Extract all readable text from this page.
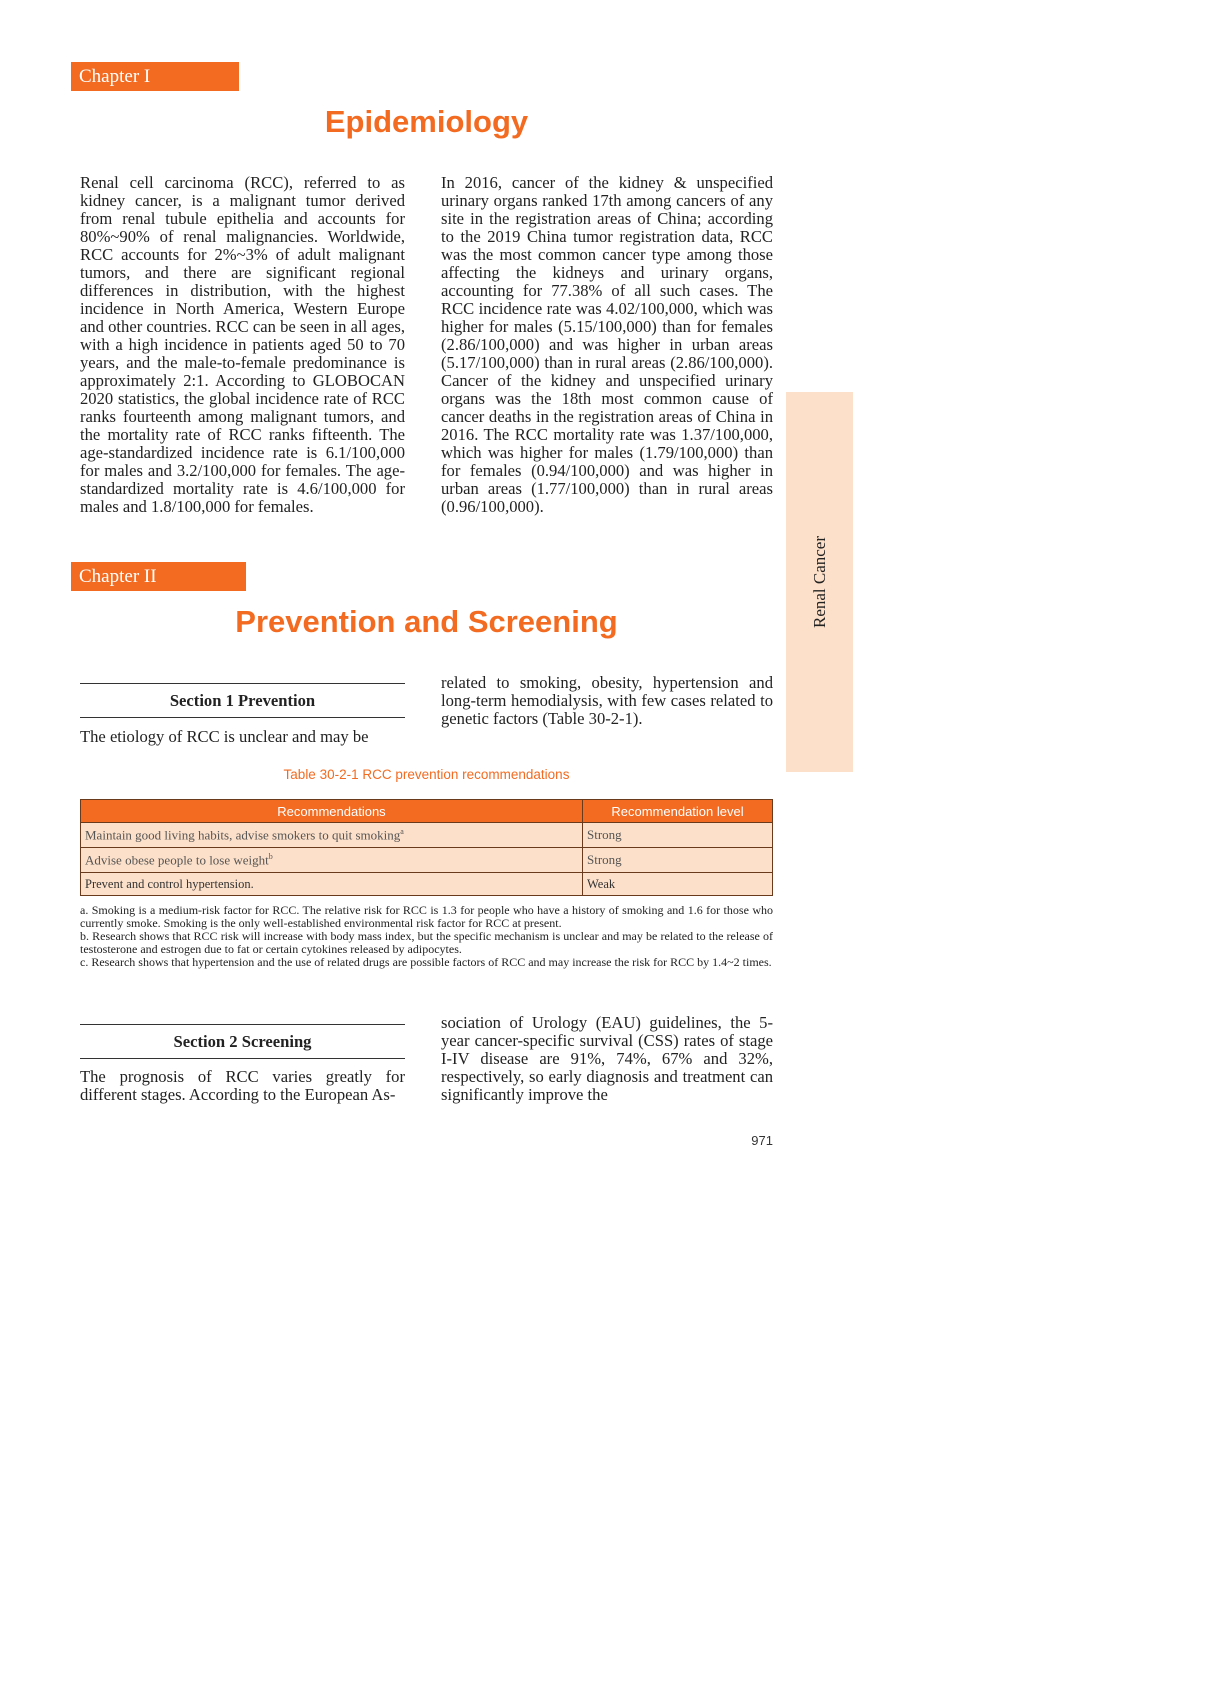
Chapter I
Epidemiology

Renal cell carcinoma (RCC), referred to as kidney cancer, is a malignant tumor derived from renal tubule epithelia and accounts for 80%~90% of renal malignancies. Worldwide, RCC accounts for 2%~3% of adult malignant tumors, and there are significant regional differences in distribution, with the highest incidence in North America, Western Europe and other countries. RCC can be seen in all ages, with a high incidence in patients aged 50 to 70 years, and the male-to-female predominance is approximately 2:1. According to GLOBOCAN 2020 statistics, the global incidence rate of RCC ranks fourteenth among malignant tumors, and the mortality rate of RCC ranks fifteenth. The age-standardized incidence rate is 6.1/100,000 for males and 3.2/100,000 for females. The age-standardized mortality rate is 4.6/100,000 for males and 1.8/100,000 for females.

In 2016, cancer of the kidney & unspecified urinary organs ranked 17th among cancers of any site in the registration areas of China; according to the 2019 China tumor registration data, RCC was the most common cancer type among those affecting the kidneys and urinary organs, accounting for 77.38% of all such cases. The RCC incidence rate was 4.02/100,000, which was higher for males (5.15/100,000) than for females (2.86/100,000) and was higher in urban areas (5.17/100,000) than in rural areas (2.86/100,000). Cancer of the kidney and unspecified urinary organs was the 18th most common cause of cancer deaths in the registration areas of China in 2016. The RCC mortality rate was 1.37/100,000, which was higher for males (1.79/100,000) than for females (0.94/100,000) and was higher in urban areas (1.77/100,000) than in rural areas (0.96/100,000).

Chapter II
Prevention and Screening
Section 1 Prevention

The etiology of RCC is unclear and may be

related to smoking, obesity, hypertension and long-term hemodialysis, with few cases related to genetic factors (Table 30-2-1).

Table 30-2-1 RCC prevention recommendations
Recommendations	Recommendation level
Maintain good living habits, advise smokers to quit smoking$^a$	Strong
Advise obese people to lose weight$^b$	Strong
Prevent and control hypertension.	Weak

a. Smoking is a medium-risk factor for RCC. The relative risk for RCC is 1.3 for people who have a history of smoking and 1.6 for those who currently smoke. Smoking is the only well-established environmental risk factor for RCC at present.

b. Research shows that RCC risk will increase with body mass index, but the specific mechanism is unclear and may be related to the release of testosterone and estrogen due to fat or certain cytokines released by adipocytes.

c. Research shows that hypertension and the use of related drugs are possible factors of RCC and may increase the risk for RCC by 1.4~2 times.

Section 2 Screening

The prognosis of RCC varies greatly for different stages. According to the European As-

sociation of Urology (EAU) guidelines, the 5-year cancer-specific survival (CSS) rates of stage I-IV disease are 91%, 74%, 67% and 32%, respectively, so early diagnosis and treatment can significantly improve the

Renal Cancer
971
